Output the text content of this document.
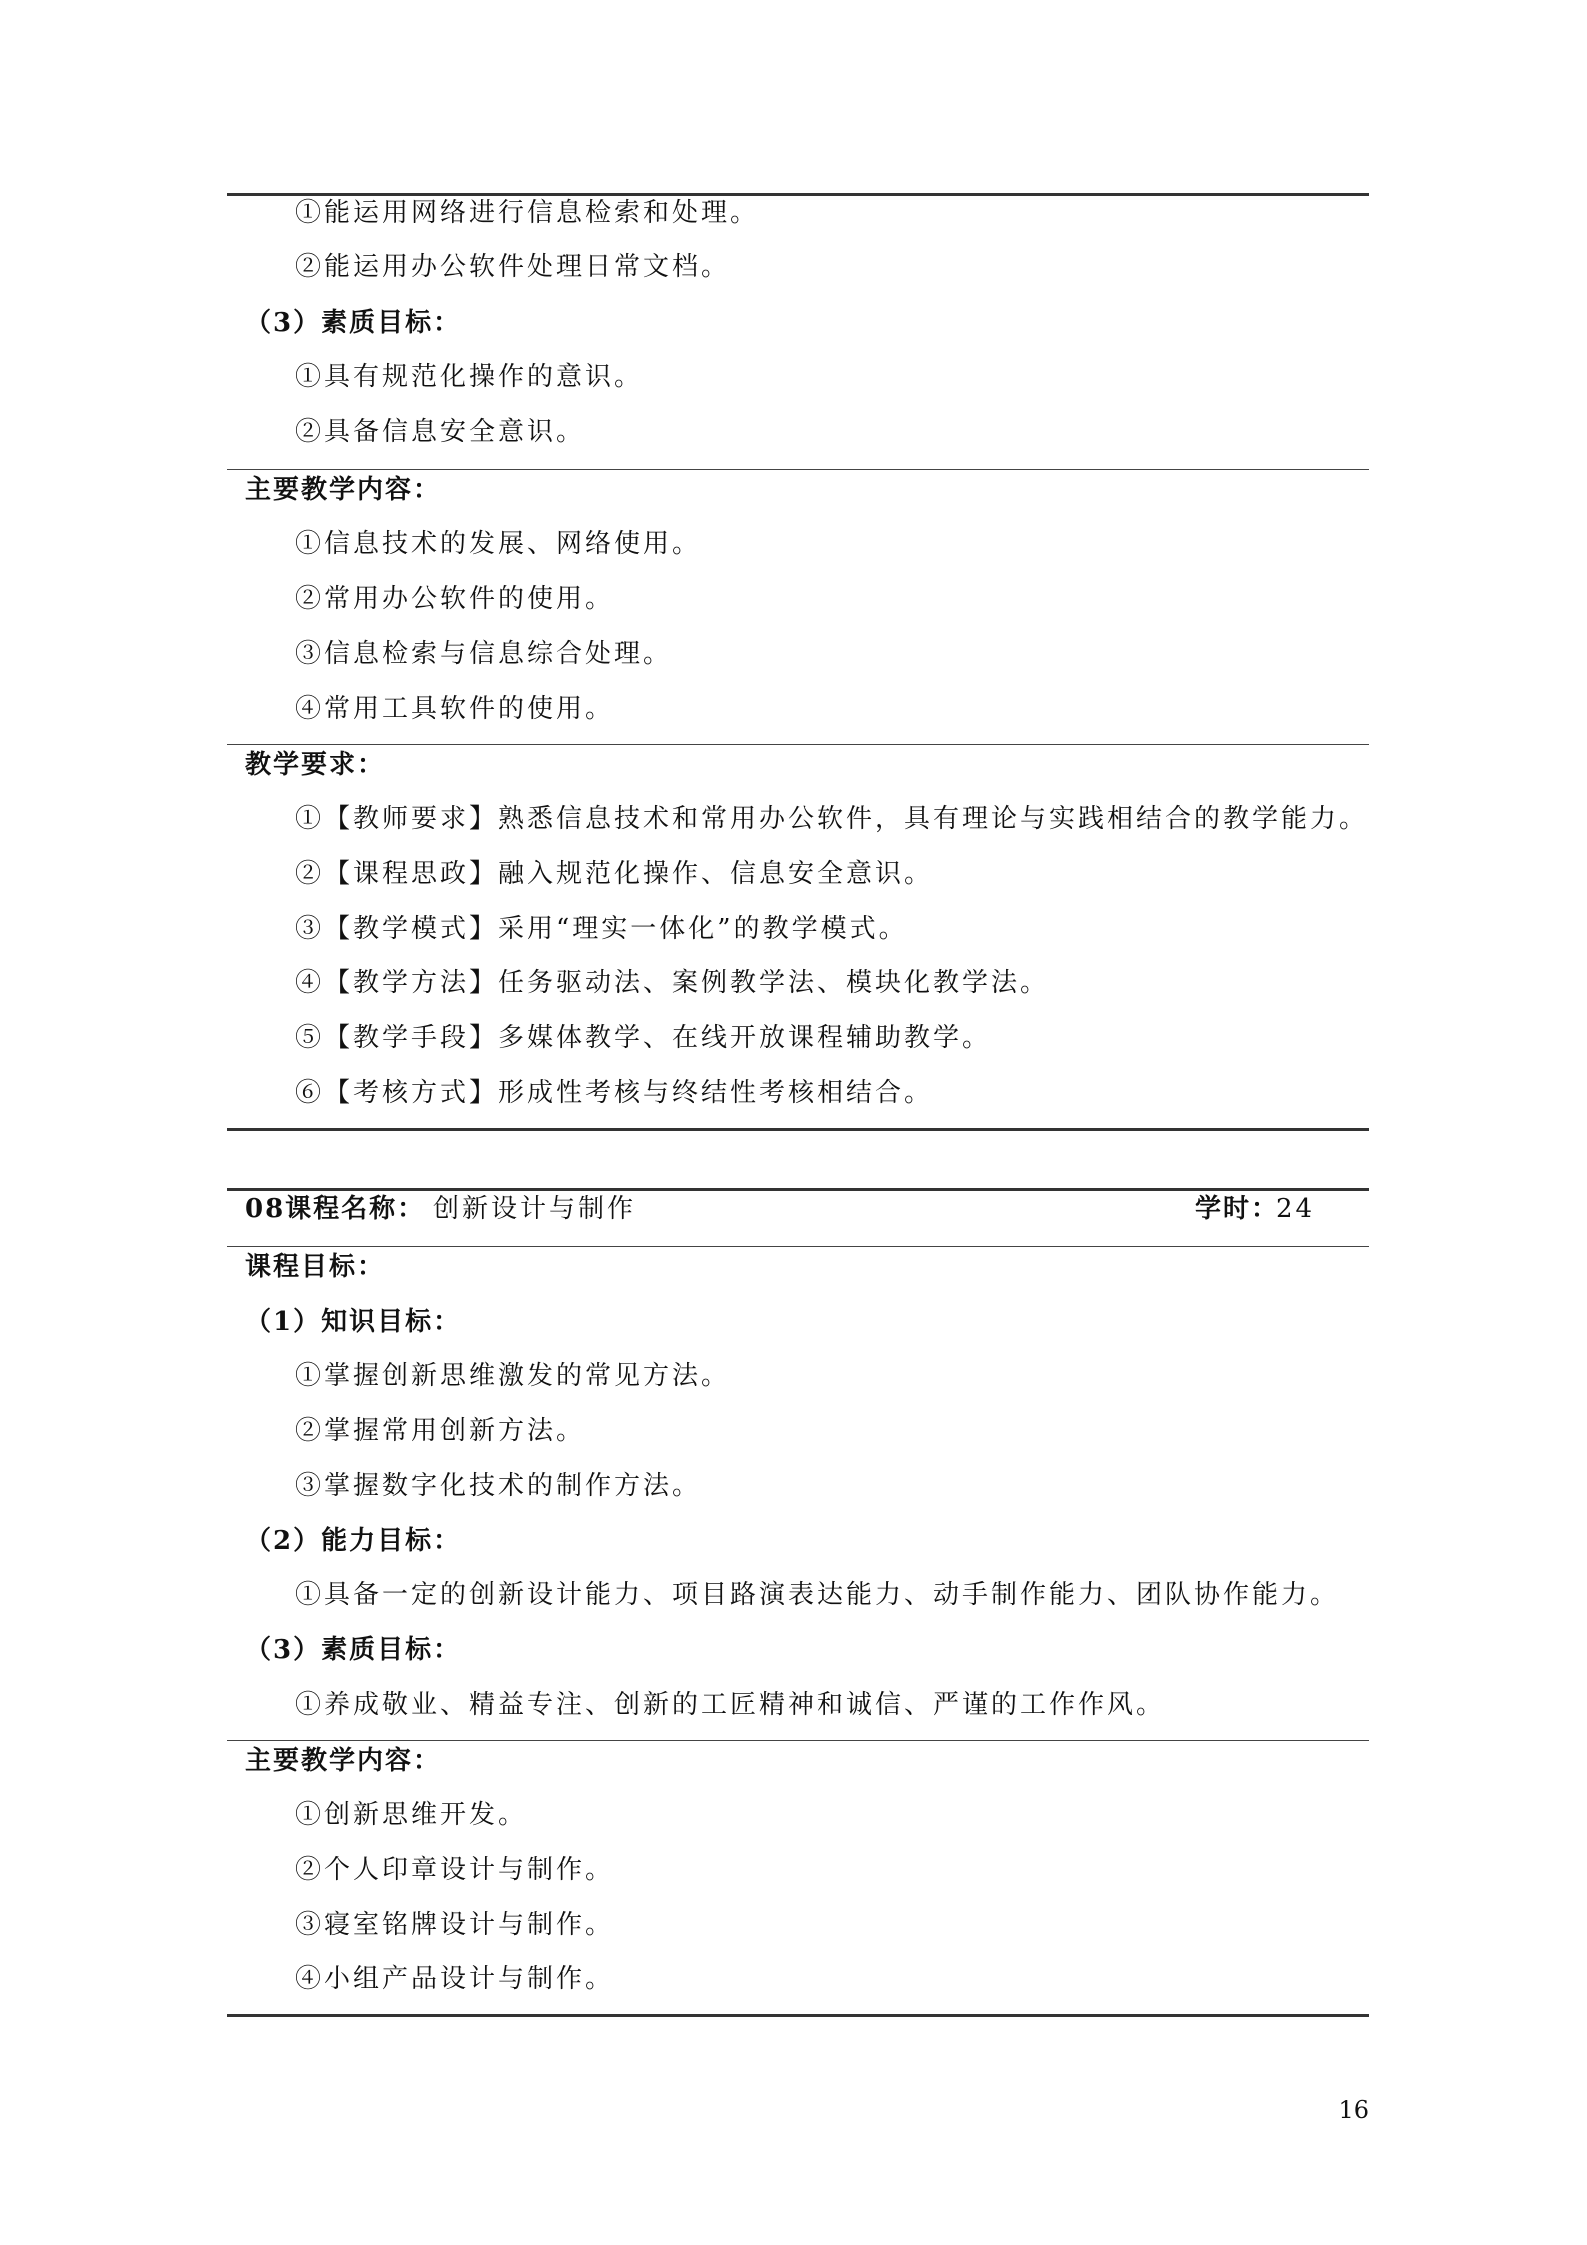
①能运用网络进行信息检索和处理。
②能运用办公软件处理日常文档。
（3）素质目标：
①具有规范化操作的意识。
②具备信息安全意识。
主要教学内容：
①信息技术的发展、网络使用。
②常用办公软件的使用。
③信息检索与信息综合处理。
④常用工具软件的使用。
教学要求：
①【教师要求】熟悉信息技术和常用办公软件，具有理论与实践相结合的教学能力。
②【课程思政】融入规范化操作、信息安全意识。
③【教学模式】采用“理实一体化”的教学模式。
④【教学方法】任务驱动法、案例教学法、模块化教学法。
⑤【教学手段】多媒体教学、在线开放课程辅助教学。
⑥【考核方式】形成性考核与终结性考核相结合。
08课程名称： 创新设计与制作	学时：
24
课程目标：
（1）知识目标：
①掌握创新思维激发的常见方法。
②掌握常用创新方法。
③掌握数字化技术的制作方法。
（2）能力目标：
①具备一定的创新设计能力、项目路演表达能力、动手制作能力、团队协作能力。
（3）素质目标：
①养成敬业、精益专注、创新的工匠精神和诚信、严谨的工作作风。
主要教学内容：
①创新思维开发。
②个人印章设计与制作。
③寝室铭牌设计与制作。
④小组产品设计与制作。
16
